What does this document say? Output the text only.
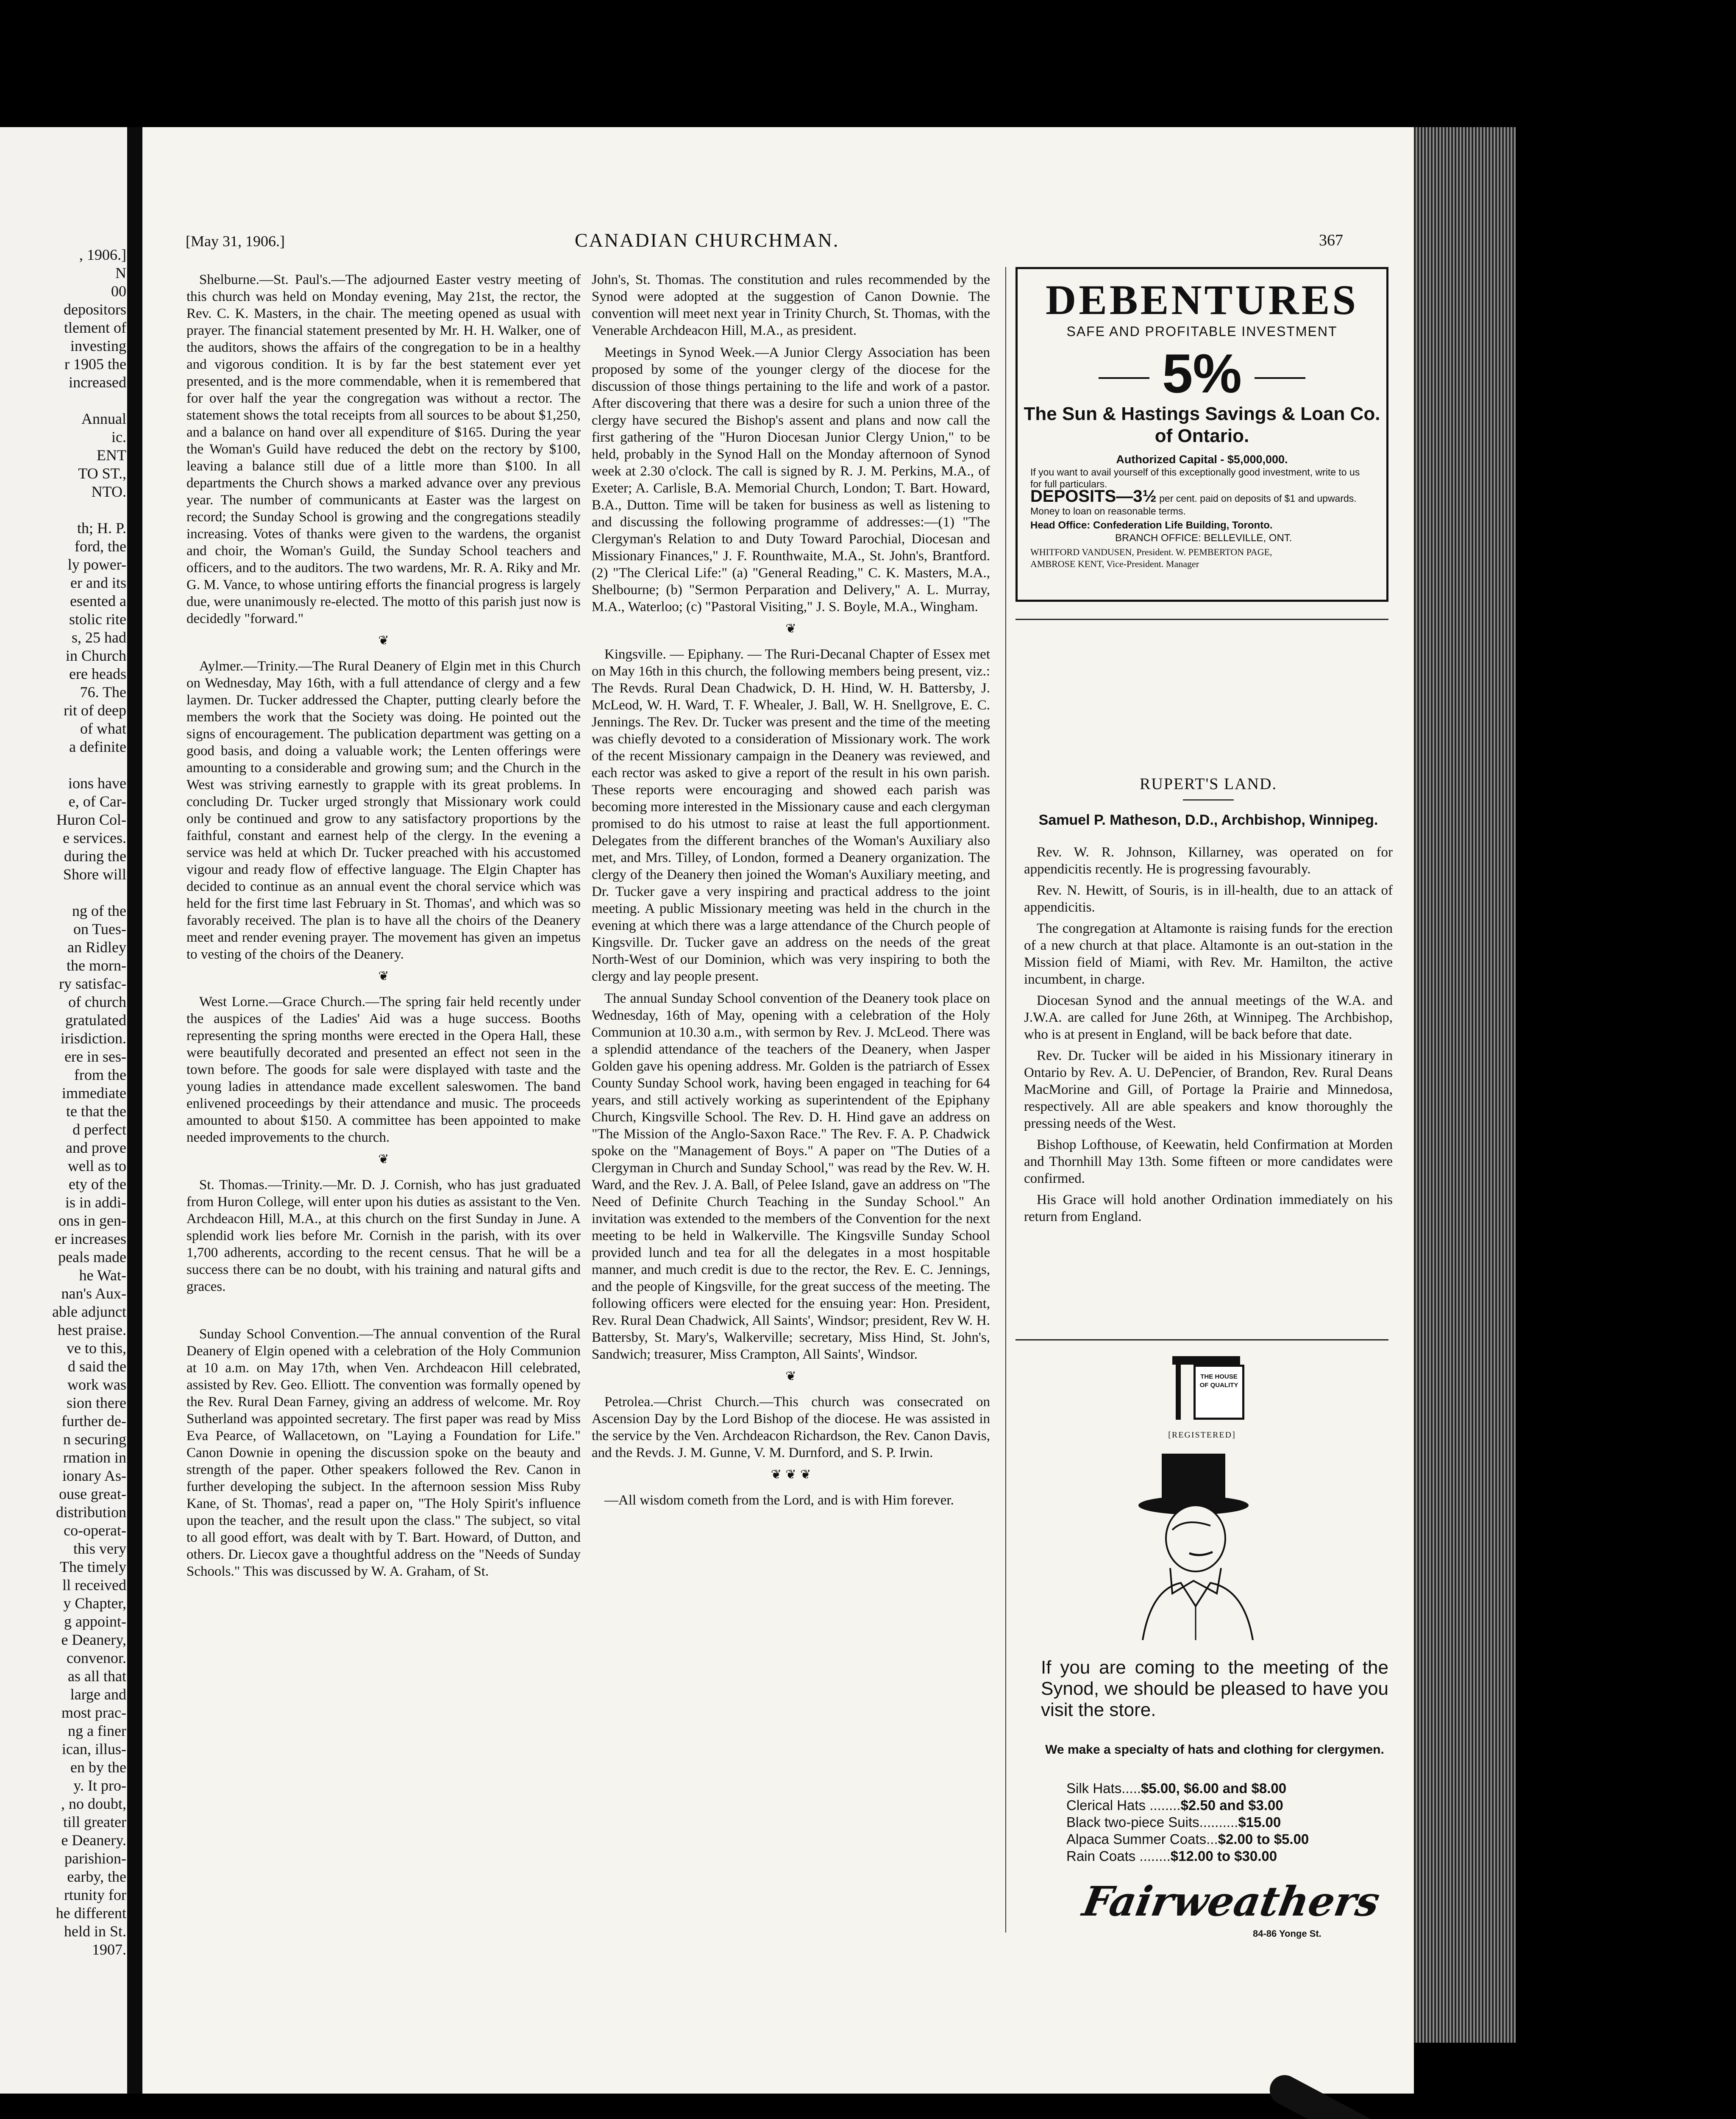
, 1906.]
N
00
depositors
tlement of
investing
r 1905 the
increased

Annual
ic.
ENT
TO ST.,
NTO.

th; H. P.
ford, the
ly power-
er and its
esented a
stolic rite
s, 25 had
in Church
ere heads
76. The
rit of deep
of what
a definite

ions have
e, of Car-
Huron Col-
e services.
during the
Shore will

ng of the
on Tues-
an Ridley
the morn-
ry satisfac-
of church
gratulated
irisdiction.
ere in ses-
from the
immediate
te that the
d perfect
and prove
well as to
ety of the
is in addi-
ons in gen-
er increases
peals made
he Wat-
nan's Aux-
able adjunct
hest praise.
ve to this,
d said the
work was
sion there
further de-
n securing
rmation in
ionary As-
ouse great-
distribution
co-operat-
this very
The timely
ll received
y Chapter,
g appoint-
e Deanery,
convenor.
as all that
large and
most prac-
ng a finer
ican, illus-
en by the
y. It pro-
, no doubt,
till greater
e Deanery.
parishion-
earby, the
rtunity for
he different
held in St.
1907.
[May 31, 1906.]	CANADIAN CHURCHMAN.	367

Shelburne.—St. Paul's.—The adjourned Easter vestry meeting of this church was held on Monday evening, May 21st, the rector, the Rev. C. K. Masters, in the chair. The meeting opened as usual with prayer. The financial statement presented by Mr. H. H. Walker, one of the auditors, shows the affairs of the congregation to be in a healthy and vigorous condition. It is by far the best statement ever yet presented, and is the more commendable, when it is remembered that for over half the year the congregation was without a rector. The statement shows the total receipts from all sources to be about $1,250, and a balance on hand over all expenditure of $165. During the year the Woman's Guild have reduced the debt on the rectory by $100, leaving a balance still due of a little more than $100. In all departments the Church shows a marked advance over any previous year. The number of communicants at Easter was the largest on record; the Sunday School is growing and the congregations steadily increasing. Votes of thanks were given to the wardens, the organist and choir, the Woman's Guild, the Sunday School teachers and officers, and to the auditors. The two wardens, Mr. R. A. Riky and Mr. G. M. Vance, to whose untiring efforts the financial progress is largely due, were unanimously re-elected. The motto of this parish just now is decidedly "forward."

❦

Aylmer.—Trinity.—The Rural Deanery of Elgin met in this Church on Wednesday, May 16th, with a full attendance of clergy and a few laymen. Dr. Tucker addressed the Chapter, putting clearly before the members the work that the Society was doing. He pointed out the signs of encouragement. The publication department was getting on a good basis, and doing a valuable work; the Lenten offerings were amounting to a considerable and growing sum; and the Church in the West was striving earnestly to grapple with its great problems. In concluding Dr. Tucker urged strongly that Missionary work could only be continued and grow to any satisfactory proportions by the faithful, constant and earnest help of the clergy. In the evening a service was held at which Dr. Tucker preached with his accustomed vigour and ready flow of effective language. The Elgin Chapter has decided to continue as an annual event the choral service which was held for the first time last February in St. Thomas', and which was so favorably received. The plan is to have all the choirs of the Deanery meet and render evening prayer. The movement has given an impetus to vesting of the choirs of the Deanery.

❦

West Lorne.—Grace Church.—The spring fair held recently under the auspices of the Ladies' Aid was a huge success. Booths representing the spring months were erected in the Opera Hall, these were beautifully decorated and presented an effect not seen in the town before. The goods for sale were displayed with taste and the young ladies in attendance made excellent saleswomen. The band enlivened proceedings by their attendance and music. The proceeds amounted to about $150. A committee has been appointed to make needed improvements to the church.

❦

St. Thomas.—Trinity.—Mr. D. J. Cornish, who has just graduated from Huron College, will enter upon his duties as assistant to the Ven. Archdeacon Hill, M.A., at this church on the first Sunday in June. A splendid work lies before Mr. Cornish in the parish, with its over 1,700 adherents, according to the recent census. That he will be a success there can be no doubt, with his training and natural gifts and graces.

Sunday School Convention.—The annual convention of the Rural Deanery of Elgin opened with a celebration of the Holy Communion at 10 a.m. on May 17th, when Ven. Archdeacon Hill celebrated, assisted by Rev. Geo. Elliott. The convention was formally opened by the Rev. Rural Dean Farney, giving an address of welcome. Mr. Roy Sutherland was appointed secretary. The first paper was read by Miss Eva Pearce, of Wallacetown, on "Laying a Foundation for Life." Canon Downie in opening the discussion spoke on the beauty and strength of the paper. Other speakers followed the Rev. Canon in further developing the subject. In the afternoon session Miss Ruby Kane, of St. Thomas', read a paper on, "The Holy Spirit's influence upon the teacher, and the result upon the class." The subject, so vital to all good effort, was dealt with by T. Bart. Howard, of Dutton, and others. Dr. Liecox gave a thoughtful address on the "Needs of Sunday Schools." This was discussed by W. A. Graham, of St.

John's, St. Thomas. The constitution and rules recommended by the Synod were adopted at the suggestion of Canon Downie. The convention will meet next year in Trinity Church, St. Thomas, with the Venerable Archdeacon Hill, M.A., as president.

Meetings in Synod Week.—A Junior Clergy Association has been proposed by some of the younger clergy of the diocese for the discussion of those things pertaining to the life and work of a pastor. After discovering that there was a desire for such a union three of the clergy have secured the Bishop's assent and plans and now call the first gathering of the "Huron Diocesan Junior Clergy Union," to be held, probably in the Synod Hall on the Monday afternoon of Synod week at 2.30 o'clock. The call is signed by R. J. M. Perkins, M.A., of Exeter; A. Carlisle, B.A. Memorial Church, London; T. Bart. Howard, B.A., Dutton. Time will be taken for business as well as listening to and discussing the following programme of addresses:—(1) "The Clergyman's Relation to and Duty Toward Parochial, Diocesan and Missionary Finances," J. F. Rounthwaite, M.A., St. John's, Brantford. (2) "The Clerical Life:" (a) "General Reading," C. K. Masters, M.A., Shelbourne; (b) "Sermon Perparation and Delivery," A. L. Murray, M.A., Waterloo; (c) "Pastoral Visiting," J. S. Boyle, M.A., Wingham.

❦

Kingsville. — Epiphany. — The Ruri-Decanal Chapter of Essex met on May 16th in this church, the following members being present, viz.: The Revds. Rural Dean Chadwick, D. H. Hind, W. H. Battersby, J. McLeod, W. H. Ward, T. F. Whealer, J. Ball, W. H. Snellgrove, E. C. Jennings. The Rev. Dr. Tucker was present and the time of the meeting was chiefly devoted to a consideration of Missionary work. The work of the recent Missionary campaign in the Deanery was reviewed, and each rector was asked to give a report of the result in his own parish. These reports were encouraging and showed each parish was becoming more interested in the Missionary cause and each clergyman promised to do his utmost to raise at least the full apportionment. Delegates from the different branches of the Woman's Auxiliary also met, and Mrs. Tilley, of London, formed a Deanery organization. The clergy of the Deanery then joined the Woman's Auxiliary meeting, and Dr. Tucker gave a very inspiring and practical address to the joint meeting. A public Missionary meeting was held in the church in the evening at which there was a large attendance of the Church people of Kingsville. Dr. Tucker gave an address on the needs of the great North-West of our Dominion, which was very inspiring to both the clergy and lay people present.

The annual Sunday School convention of the Deanery took place on Wednesday, 16th of May, opening with a celebration of the Holy Communion at 10.30 a.m., with sermon by Rev. J. McLeod. There was a splendid attendance of the teachers of the Deanery, when Jasper Golden gave his opening address. Mr. Golden is the patriarch of Essex County Sunday School work, having been engaged in teaching for 64 years, and still actively working as superintendent of the Epiphany Church, Kingsville School. The Rev. D. H. Hind gave an address on "The Mission of the Anglo-Saxon Race." The Rev. F. A. P. Chadwick spoke on the "Management of Boys." A paper on "The Duties of a Clergyman in Church and Sunday School," was read by the Rev. W. H. Ward, and the Rev. J. A. Ball, of Pelee Island, gave an address on "The Need of Definite Church Teaching in the Sunday School." An invitation was extended to the members of the Convention for the next meeting to be held in Walkerville. The Kingsville Sunday School provided lunch and tea for all the delegates in a most hospitable manner, and much credit is due to the rector, the Rev. E. C. Jennings, and the people of Kingsville, for the great success of the meeting. The following officers were elected for the ensuing year: Hon. President, Rev. Rural Dean Chadwick, All Saints', Windsor; president, Rev W. H. Battersby, St. Mary's, Walkerville; secretary, Miss Hind, St. John's, Sandwich; treasurer, Miss Crampton, All Saints', Windsor.

❦

Petrolea.—Christ Church.—This church was consecrated on Ascension Day by the Lord Bishop of the diocese. He was assisted in the service by the Ven. Archdeacon Richardson, the Rev. Canon Davis, and the Revds. J. M. Gunne, V. M. Durnford, and S. P. Irwin.

❦ ❦ ❦

—All wisdom cometh from the Lord, and is with Him forever.

DEBENTURES
SAFE AND PROFITABLE INVESTMENT
5%
The Sun & Hastings Savings & Loan Co.
of Ontario.
Authorized Capital - $5,000,000.
If you want to avail yourself of this exceptionally good investment, write to us for full particulars.
DEPOSITS—3½ per cent. paid on deposits of $1 and upwards. Money to loan on reasonable terms.
Head Office: Confederation Life Building, Toronto.
BRANCH OFFICE: BELLEVILLE, ONT.
WHITFORD VANDUSEN, President. W. PEMBERTON PAGE,
AMBROSE KENT, Vice-President. Manager
RUPERT'S LAND.
Samuel P. Matheson, D.D., Archbishop, Winnipeg.

Rev. W. R. Johnson, Killarney, was operated on for appendicitis recently. He is progressing favourably.

Rev. N. Hewitt, of Souris, is in ill-health, due to an attack of appendicitis.

The congregation at Altamonte is raising funds for the erection of a new church at that place. Altamonte is an out-station in the Mission field of Miami, with Rev. Mr. Hamilton, the active incumbent, in charge.

Diocesan Synod and the annual meetings of the W.A. and J.W.A. are called for June 26th, at Winnipeg. The Archbishop, who is at present in England, will be back before that date.

Rev. Dr. Tucker will be aided in his Missionary itinerary in Ontario by Rev. A. U. DePencier, of Brandon, Rev. Rural Deans MacMorine and Gill, of Portage la Prairie and Minnedosa, respectively. All are able speakers and know thoroughly the pressing needs of the West.

Bishop Lofthouse, of Keewatin, held Confirmation at Morden and Thornhill May 13th. Some fifteen or more candidates were confirmed.

His Grace will hold another Ordination immediately on his return from England.

THE HOUSE OF QUALITY
[REGISTERED]
If you are coming to the meeting of the Synod, we should be pleased to have you visit the store.
We make a specialty of hats and clothing for clergymen.
Silk Hats.....$5.00, $6.00 and $8.00
Clerical Hats ........$2.50 and $3.00
Black two-piece Suits..........$15.00
Alpaca Summer Coats...$2.00 to $5.00
Rain Coats ........$12.00 to $30.00
Fairweathers
84-86 Yonge St.
